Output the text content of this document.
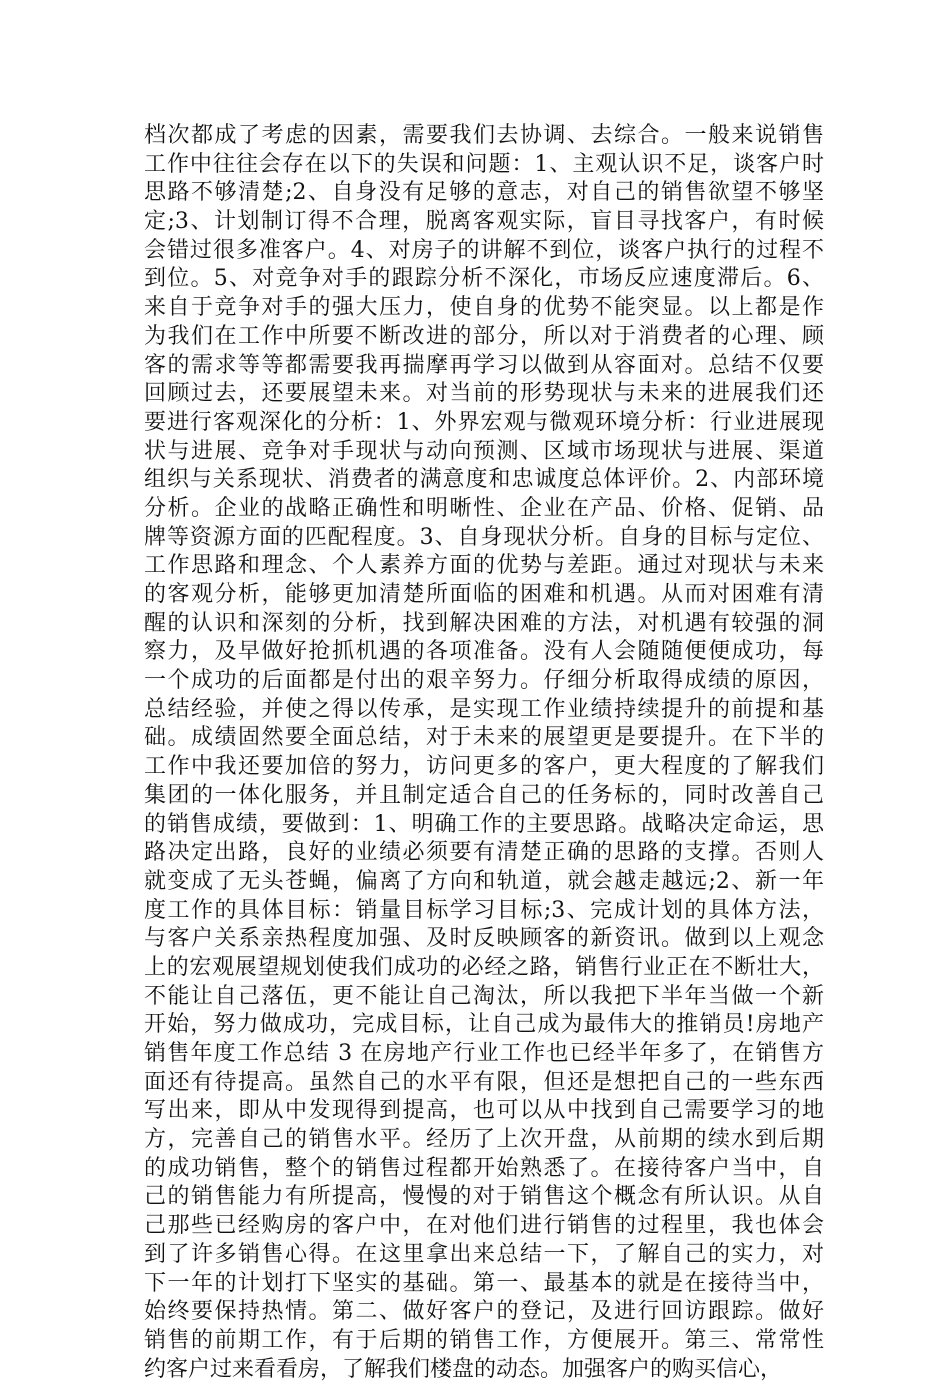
档次都成了考虑的因素，需要我们去协调、去综合。一般来说销售
工作中往往会存在以下的失误和问题：1、主观认识不足，谈客户时
思路不够清楚;2、自身没有足够的意志，对自己的销售欲望不够坚
定;3、计划制订得不合理，脱离客观实际，盲目寻找客户，有时候
会错过很多准客户。4、对房子的讲解不到位，谈客户执行的过程不
到位。5、对竞争对手的跟踪分析不深化，市场反应速度滞后。6、
来自于竞争对手的强大压力，使自身的优势不能突显。以上都是作
为我们在工作中所要不断改进的部分，所以对于消费者的心理、顾
客的需求等等都需要我再揣摩再学习以做到从容面对。总结不仅要
回顾过去，还要展望未来。对当前的形势现状与未来的进展我们还
要进行客观深化的分析：1、外界宏观与微观环境分析：行业进展现
状与进展、竞争对手现状与动向预测、区域市场现状与进展、渠道
组织与关系现状、消费者的满意度和忠诚度总体评价。2、内部环境
分析。企业的战略正确性和明晰性、企业在产品、价格、促销、品
牌等资源方面的匹配程度。3、自身现状分析。自身的目标与定位、
工作思路和理念、个人素养方面的优势与差距。通过对现状与未来
的客观分析，能够更加清楚所面临的困难和机遇。从而对困难有清
醒的认识和深刻的分析，找到解决困难的方法，对机遇有较强的洞
察力，及早做好抢抓机遇的各项准备。没有人会随随便便成功，每
一个成功的后面都是付出的艰辛努力。仔细分析取得成绩的原因，
总结经验，并使之得以传承，是实现工作业绩持续提升的前提和基
础。成绩固然要全面总结，对于未来的展望更是要提升。在下半的
工作中我还要加倍的努力，访问更多的客户，更大程度的了解我们
集团的一体化服务，并且制定适合自己的任务标的，同时改善自己
的销售成绩，要做到：1、明确工作的主要思路。战略决定命运，思
路决定出路，良好的业绩必须要有清楚正确的思路的支撑。否则人
就变成了无头苍蝇，偏离了方向和轨道，就会越走越远;2、新一年
度工作的具体目标：销量目标学习目标;3、完成计划的具体方法，
与客户关系亲热程度加强、及时反映顾客的新资讯。做到以上观念
上的宏观展望规划使我们成功的必经之路，销售行业正在不断壮大，
不能让自己落伍，更不能让自己淘汰，所以我把下半年当做一个新
开始，努力做成功，完成目标，让自己成为最伟大的推销员!房地产
销售年度工作总结 3 在房地产行业工作也已经半年多了，在销售方
面还有待提高。虽然自己的水平有限，但还是想把自己的一些东西
写出来，即从中发现得到提高，也可以从中找到自己需要学习的地
方，完善自己的销售水平。经历了上次开盘，从前期的续水到后期
的成功销售，整个的销售过程都开始熟悉了。在接待客户当中，自
己的销售能力有所提高，慢慢的对于销售这个概念有所认识。从自
己那些已经购房的客户中，在对他们进行销售的过程里，我也体会
到了许多销售心得。在这里拿出来总结一下，了解自己的实力，对
下一年的计划打下坚实的基础。第一、最基本的就是在接待当中，
始终要保持热情。第二、做好客户的登记，及进行回访跟踪。做好
销售的前期工作，有于后期的销售工作，方便展开。第三、常常性
约客户过来看看房，了解我们楼盘的动态。加强客户的购买信心，
